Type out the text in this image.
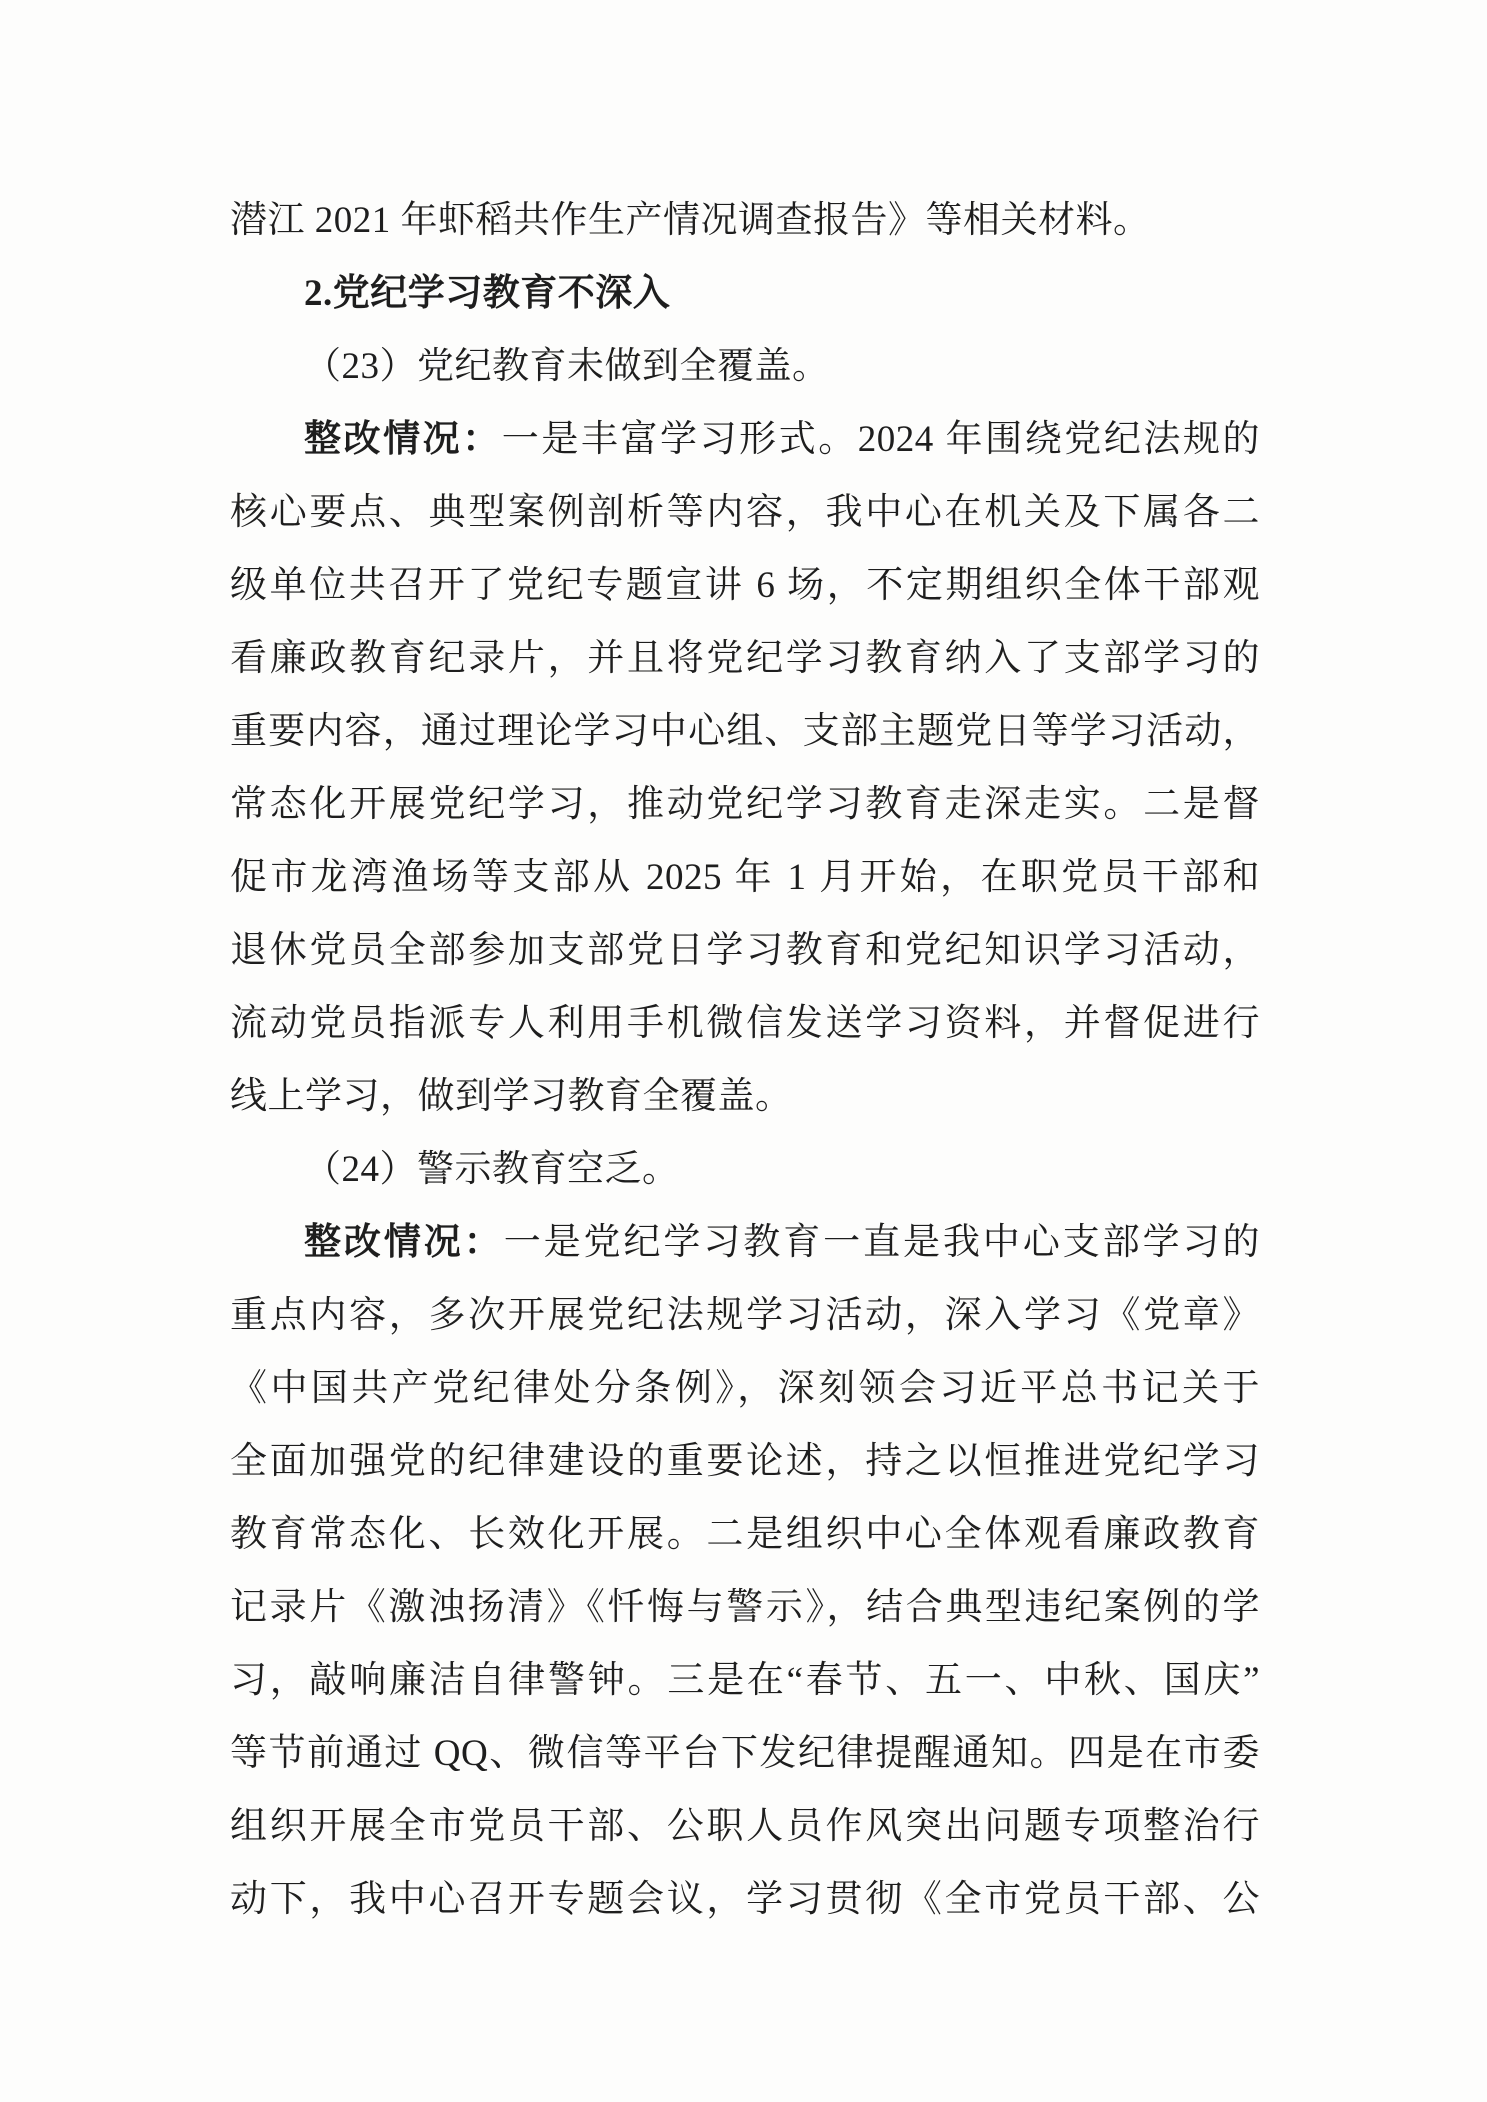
潜江 2021 年虾稻共作生产情况调查报告》等相关材料。
2.党纪学习教育不深入
（23）党纪教育未做到全覆盖。
整改情况：一是丰富学习形式。2024 年围绕党纪法规的
核心要点、典型案例剖析等内容，我中心在机关及下属各二
级单位共召开了党纪专题宣讲 6 场，不定期组织全体干部观
看廉政教育纪录片，并且将党纪学习教育纳入了支部学习的
重要内容，通过理论学习中心组、支部主题党日等学习活动，
常态化开展党纪学习，推动党纪学习教育走深走实。二是督
促市龙湾渔场等支部从 2025 年 1 月开始，在职党员干部和
退休党员全部参加支部党日学习教育和党纪知识学习活动，
流动党员指派专人利用手机微信发送学习资料，并督促进行
线上学习，做到学习教育全覆盖。
（24）警示教育空乏。
整改情况：一是党纪学习教育一直是我中心支部学习的
重点内容，多次开展党纪法规学习活动，深入学习《党章》
《中国共产党纪律处分条例》，深刻领会习近平总书记关于
全面加强党的纪律建设的重要论述，持之以恒推进党纪学习
教育常态化、长效化开展。二是组织中心全体观看廉政教育
记录片《激浊扬清》《忏悔与警示》，结合典型违纪案例的学
习，敲响廉洁自律警钟。三是在“春节、五一、中秋、国庆”
等节前通过 QQ、微信等平台下发纪律提醒通知。四是在市委
组织开展全市党员干部、公职人员作风突出问题专项整治行
动下，我中心召开专题会议，学习贯彻《全市党员干部、公
